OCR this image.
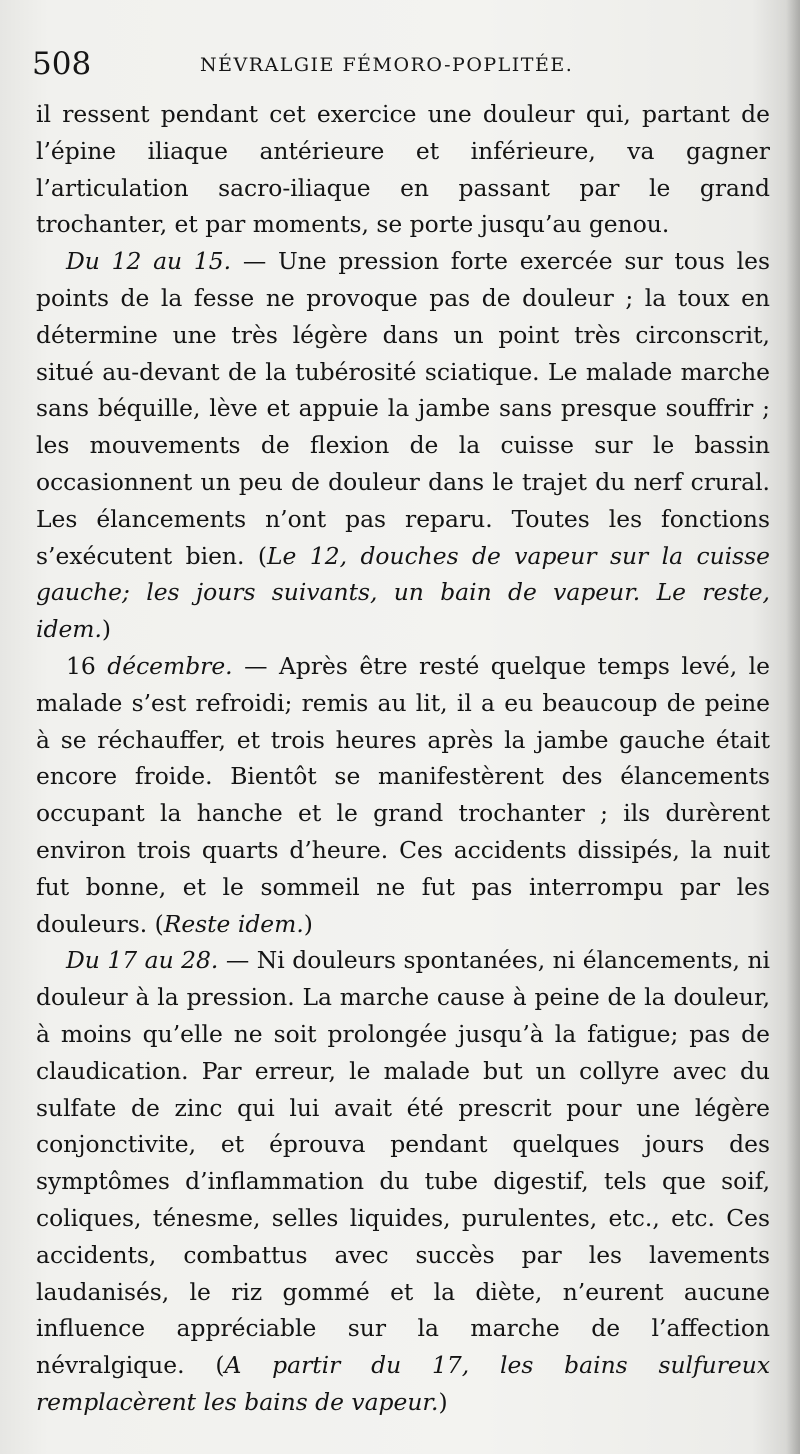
508	NÉVRALGIE FÉMORO-POPLITÉE.

il ressent pendant cet exercice une douleur qui, partant de l’épine iliaque antérieure et inférieure, va gagner l’articulation sacro-iliaque en passant par le grand trochanter, et par moments, se porte jusqu’au genou.

Du 12 au 15. — Une pression forte exercée sur tous les points de la fesse ne provoque pas de douleur ; la toux en détermine une très légère dans un point très circonscrit, situé au-devant de la tubérosité sciatique. Le malade marche sans béquille, lève et appuie la jambe sans presque souffrir ; les mouvements de flexion de la cuisse sur le bassin occasionnent un peu de douleur dans le trajet du nerf crural. Les élancements n’ont pas reparu. Toutes les fonctions s’exécutent bien. (Le 12, douches de vapeur sur la cuisse gauche; les jours suivants, un bain de vapeur. Le reste, idem.)

16 décembre. — Après être resté quelque temps levé, le malade s’est refroidi; remis au lit, il a eu beaucoup de peine à se réchauffer, et trois heures après la jambe gauche était encore froide. Bientôt se manifestèrent des élancements occupant la hanche et le grand trochanter ; ils durèrent environ trois quarts d’heure. Ces accidents dissipés, la nuit fut bonne, et le sommeil ne fut pas interrompu par les douleurs. (Reste idem.)

Du 17 au 28. — Ni douleurs spontanées, ni élancements, ni douleur à la pression. La marche cause à peine de la douleur, à moins qu’elle ne soit prolongée jusqu’à la fatigue; pas de claudication. Par erreur, le malade but un collyre avec du sulfate de zinc qui lui avait été prescrit pour une légère conjonctivite, et éprouva pendant quelques jours des symptômes d’inflammation du tube digestif, tels que soif, coliques, ténesme, selles liquides, purulentes, etc., etc. Ces accidents, combattus avec succès par les lavements laudanisés, le riz gommé et la diète, n’eurent aucune influence appréciable sur la marche de l’affection névralgique. (A partir du 17, les bains sulfureux remplacèrent les bains de vapeur.)
